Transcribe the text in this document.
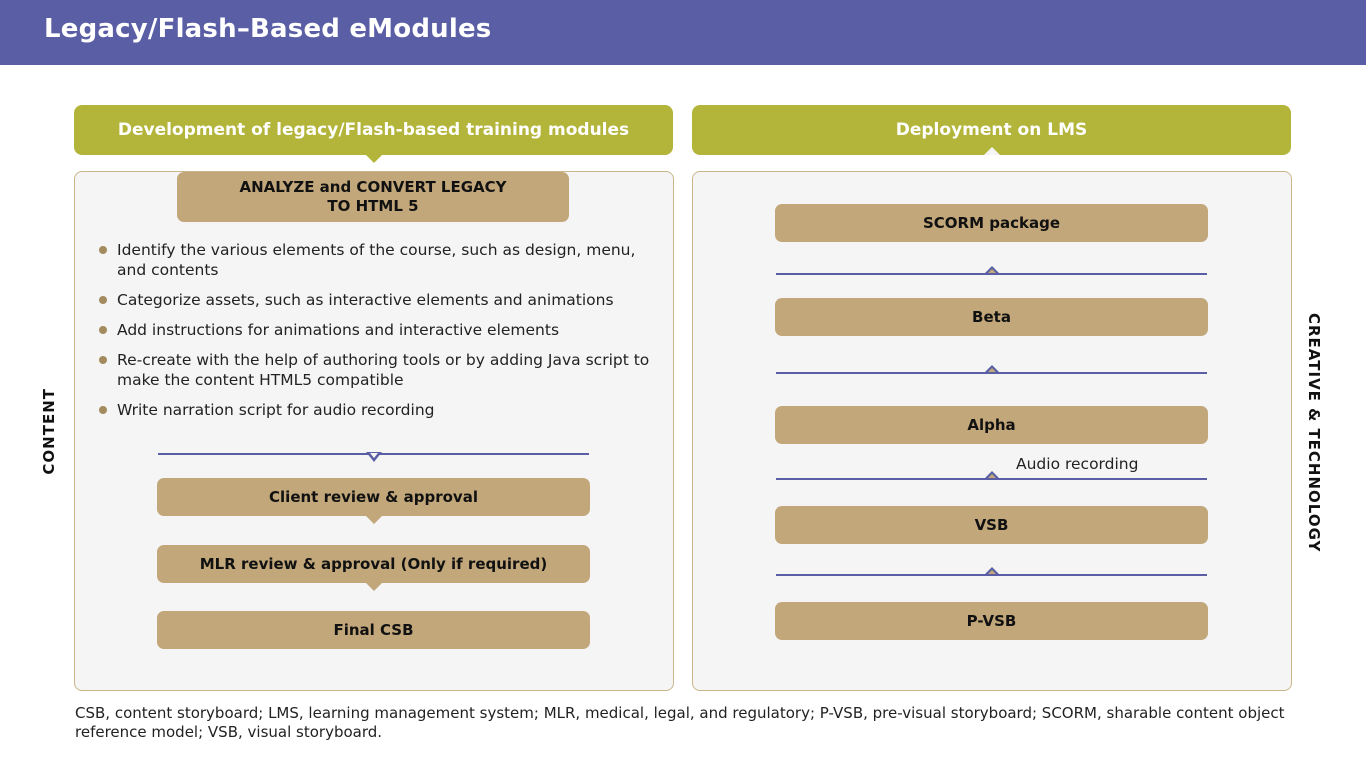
Legacy/Flash–Based eModules
CONTENT	CREATIVE & TECHNOLOGY
Development of legacy/Flash-based training modules	Deployment on LMS
ANALYZE and CONVERT LEGACY
TO HTML 5
Identify the various elements of the course, such as design, menu, and contents
Categorize assets, such as interactive elements and animations
Add instructions for animations and interactive elements
Re-create with the help of authoring tools or by adding Java script to make the content HTML5 compatible
Write narration script for audio recording
Client review & approval
MLR review & approval (Only if required)
Final CSB
SCORM package
Beta
Alpha
Audio recording
VSB
P-VSB
CSB, content storyboard; LMS, learning management system; MLR, medical, legal, and regulatory; P-VSB, pre-visual storyboard; SCORM, sharable content object reference model; VSB, visual storyboard.
